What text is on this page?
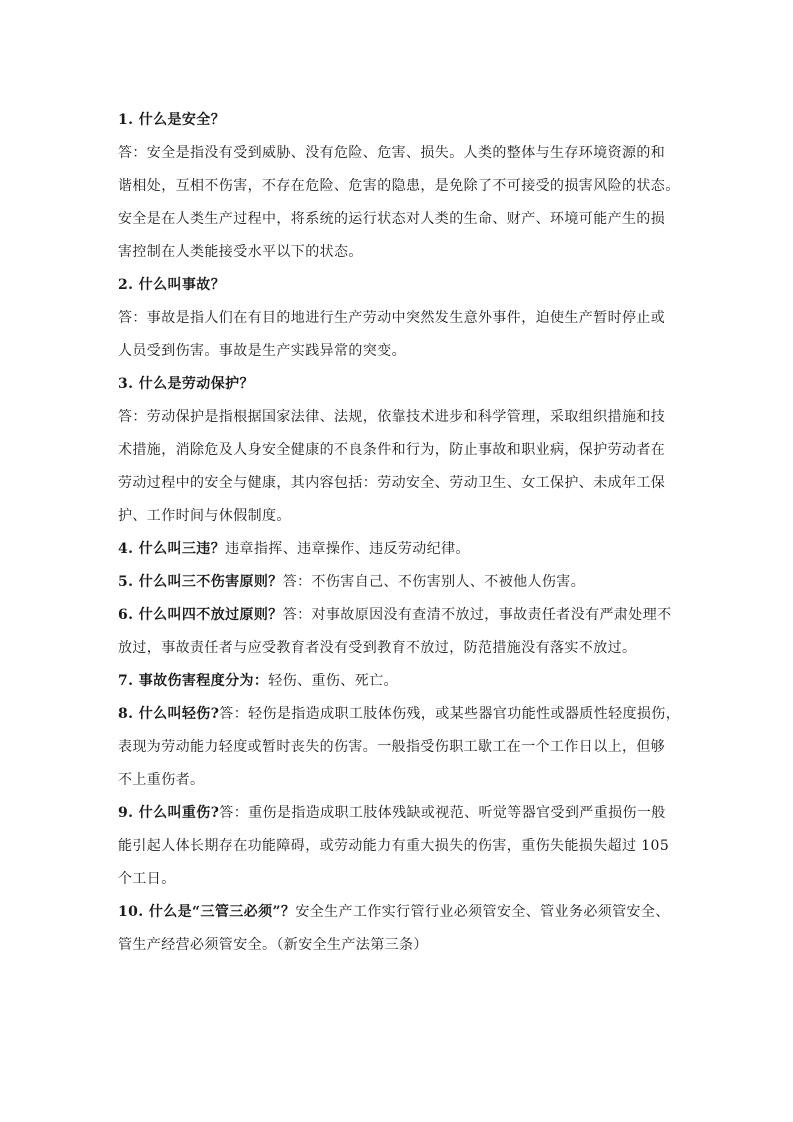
1. 什么是安全？
答：安全是指没有受到威胁、没有危险、危害、损失。人类的整体与生存环境资源的和
谐相处，互相不伤害，不存在危险、危害的隐患，是免除了不可接受的损害风险的状态。
安全是在人类生产过程中，将系统的运行状态对人类的生命、财产、环境可能产生的损
害控制在人类能接受水平以下的状态。
2. 什么叫事故？
答：事故是指人们在有目的地进行生产劳动中突然发生意外事件，迫使生产暂时停止或
人员受到伤害。事故是生产实践异常的突变。
3. 什么是劳动保护？
答：劳动保护是指根据国家法律、法规，依靠技术进步和科学管理，采取组织措施和技
术措施，消除危及人身安全健康的不良条件和行为，防止事故和职业病，保护劳动者在
劳动过程中的安全与健康，其内容包括：劳动安全、劳动卫生、女工保护、未成年工保
护、工作时间与休假制度。
4. 什么叫三违？违章指挥、违章操作、违反劳动纪律。
5. 什么叫三不伤害原则？答：不伤害自己、不伤害别人、不被他人伤害。
6. 什么叫四不放过原则？答：对事故原因没有查清不放过，事故责任者没有严肃处理不
放过，事故责任者与应受教育者没有受到教育不放过，防范措施没有落实不放过。
7. 事故伤害程度分为：轻伤、重伤、死亡。
8. 什么叫轻伤?答：轻伤是指造成职工肢体伤残，或某些器官功能性或器质性轻度损伤，
表现为劳动能力轻度或暂时丧失的伤害。一般指受伤职工歇工在一个工作日以上，但够
不上重伤者。
9. 什么叫重伤?答：重伤是指造成职工肢体残缺或视范、听觉等器官受到严重损伤一般
能引起人体长期存在功能障碍，或劳动能力有重大损失的伤害，重伤失能损失超过 105
个工日。
10. 什么是“三管三必须”？安全生产工作实行管行业必须管安全、管业务必须管安全、
管生产经营必须管安全。（新安全生产法第三条）
